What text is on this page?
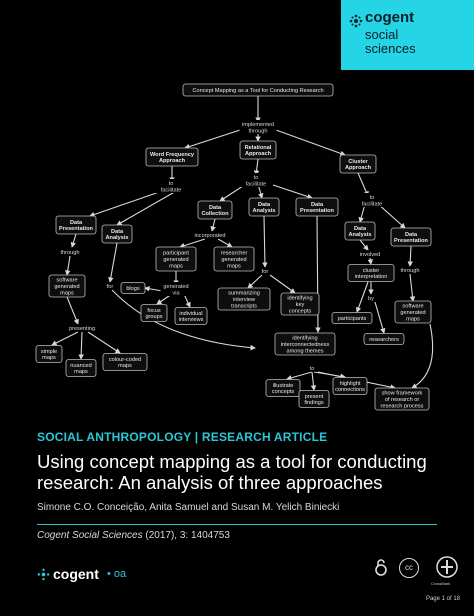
cogent
social
sciences
implemented
through
to
facilitate
to
facilitate
to
facilitate
through
through
incorporated
generated
via
for
for
involved
by
presenting
to
Concept Mapping as a Tool for Conducting Research
Word Frequency
Approach
Relational
Approach
Cluster
Approach
Data
Presentation	Data
Analysis
Data
Collection
Data
Analysis
Data
Presentation
Data
Analysis	Data
Presentation
software
generated
maps
participant
generated
maps
researcher
generated
maps
blogs
focus
groups
individual
interviews
summarizing
interview
transcripts
identifying
key
concepts
identifying
interconnectedness
among themes
cluster
interpretation
participants
researchers
software
generated
maps
simple
maps
nuanced
maps
colour-coded
maps
illustrate
concepts
present
findings
highlight
connections
show framework
of research or
research process
SOCIAL ANTHROPOLOGY | RESEARCH ARTICLE
Using concept mapping as a tool for conducting research: An analysis of three approaches
Simone C.O. Conceição, Anita Samuel and Susan M. Yelich Biniecki
Cogent Social Sciences (2017), 3: 1404753
cogent • oa
cc
CrossMark
Page 1 of 18
